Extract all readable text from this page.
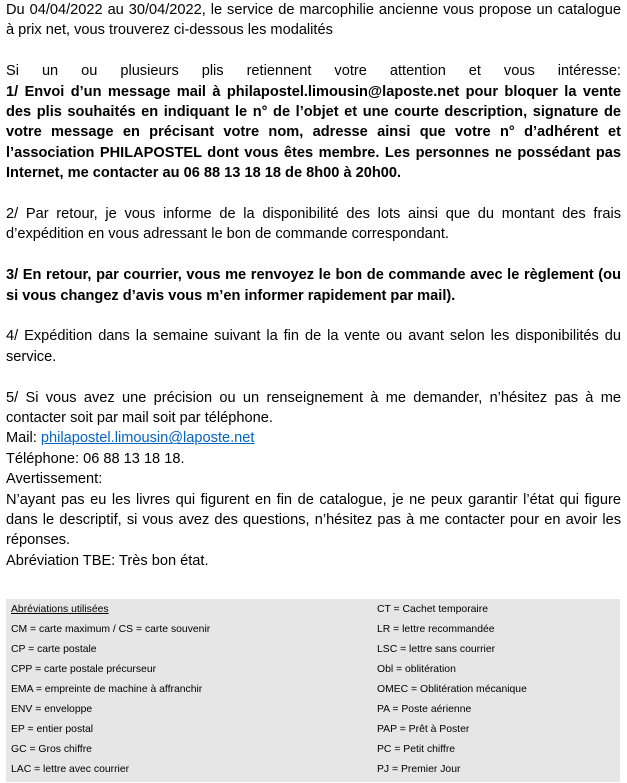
Du 04/04/2022 au 30/04/2022, le service de marcophilie ancienne vous propose un catalogue à prix net, vous trouverez ci-dessous les modalités

Si un ou plusieurs plis retiennent votre attention et vous intéresse:

1/ Envoi d’un message mail à philapostel.limousin@laposte.net pour bloquer la vente des plis souhaités en indiquant le n° de l’objet et une courte description, signature de votre message en précisant votre nom, adresse ainsi que votre n° d’adhérent et l’association PHILAPOSTEL dont vous êtes membre. Les personnes ne possédant pas Internet, me contacter au 06 88 13 18 18 de 8h00 à 20h00.

2/ Par retour, je vous informe de la disponibilité des lots ainsi que du montant des frais d’expédition en vous adressant le bon de commande correspondant.

3/ En retour, par courrier, vous me renvoyez le bon de commande avec le règlement (ou si vous changez d’avis vous m’en informer rapidement par mail).

4/ Expédition dans la semaine suivant la fin de la vente ou avant selon les disponibilités du service.

5/ Si vous avez une précision ou un renseignement à me demander, n’hésitez pas à me contacter soit par mail soit par téléphone.

Mail: philapostel.limousin@laposte.net

Téléphone: 06 88 13 18 18.

Avertissement:

N’ayant pas eu les livres qui figurent en fin de catalogue, je ne peux garantir l’état qui figure dans le descriptif, si vous avez des questions, n’hésitez pas à me contacter pour en avoir les réponses.

Abréviation TBE: Très bon état.

Abréviations utilisées	CT = Cachet temporaire
CM = carte maximum / CS = carte souvenir	LR = lettre recommandée
CP = carte postale	LSC = lettre sans courrier
CPP = carte postale précurseur	Obl = oblitération
EMA = empreinte de machine à affranchir	OMEC = Oblitération mécanique
ENV = enveloppe	PA = Poste aérienne
EP = entier postal	PAP = Prêt à Poster
GC = Gros chiffre	PC = Petit chiffre
LAC = lettre avec courrier	PJ = Premier Jour
